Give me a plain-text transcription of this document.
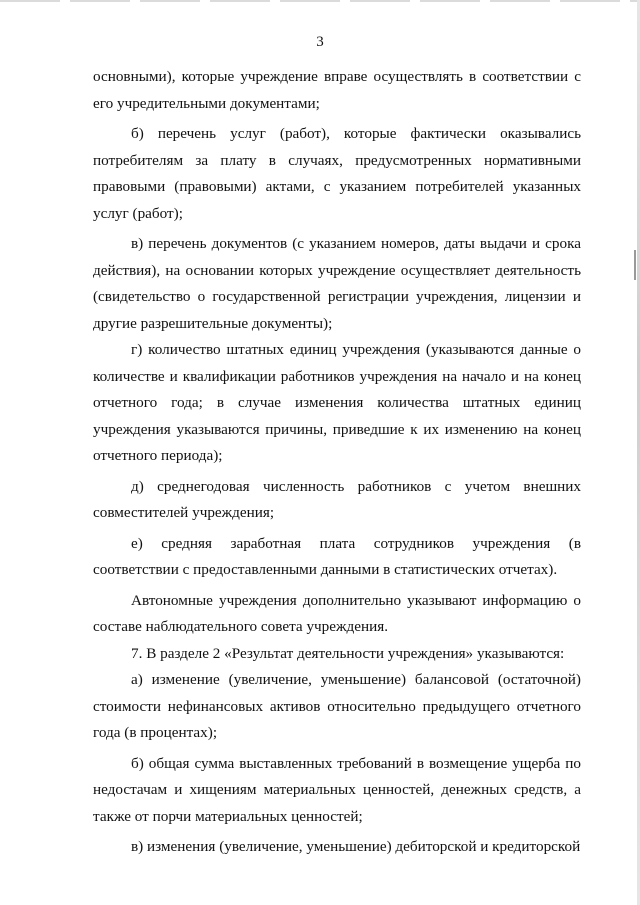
3

основными), которые учреждение вправе осуществлять в соответствии с его учредительными документами;

б) перечень услуг (работ), которые фактически оказывались потребителям за плату в случаях, предусмотренных нормативными правовыми (правовыми) актами, с указанием потребителей указанных услуг (работ);

в) перечень документов (с указанием номеров, даты выдачи и срока действия), на основании которых учреждение осуществляет деятельность (свидетельство о государственной регистрации учреждения, лицензии и другие разрешительные документы);

г) количество штатных единиц учреждения (указываются данные о количестве и квалификации работников учреждения на начало и на конец отчетного года; в случае изменения количества штатных единиц учреждения указываются причины, приведшие к их изменению на конец отчетного периода);

д) среднегодовая численность работников с учетом внешних совместителей учреждения;

е) средняя заработная плата сотрудников учреждения (в соответствии с предоставленными данными в статистических отчетах).

Автономные учреждения дополнительно указывают информацию о составе наблюдательного совета учреждения.

7. В разделе 2 «Результат деятельности учреждения» указываются:

а) изменение (увеличение, уменьшение) балансовой (остаточной) стоимости нефинансовых активов относительно предыдущего отчетного года (в процентах);

б) общая сумма выставленных требований в возмещение ущерба по недостачам и хищениям материальных ценностей, денежных средств, а также от порчи материальных ценностей;

в) изменения (увеличение, уменьшение) дебиторской и кредиторской
